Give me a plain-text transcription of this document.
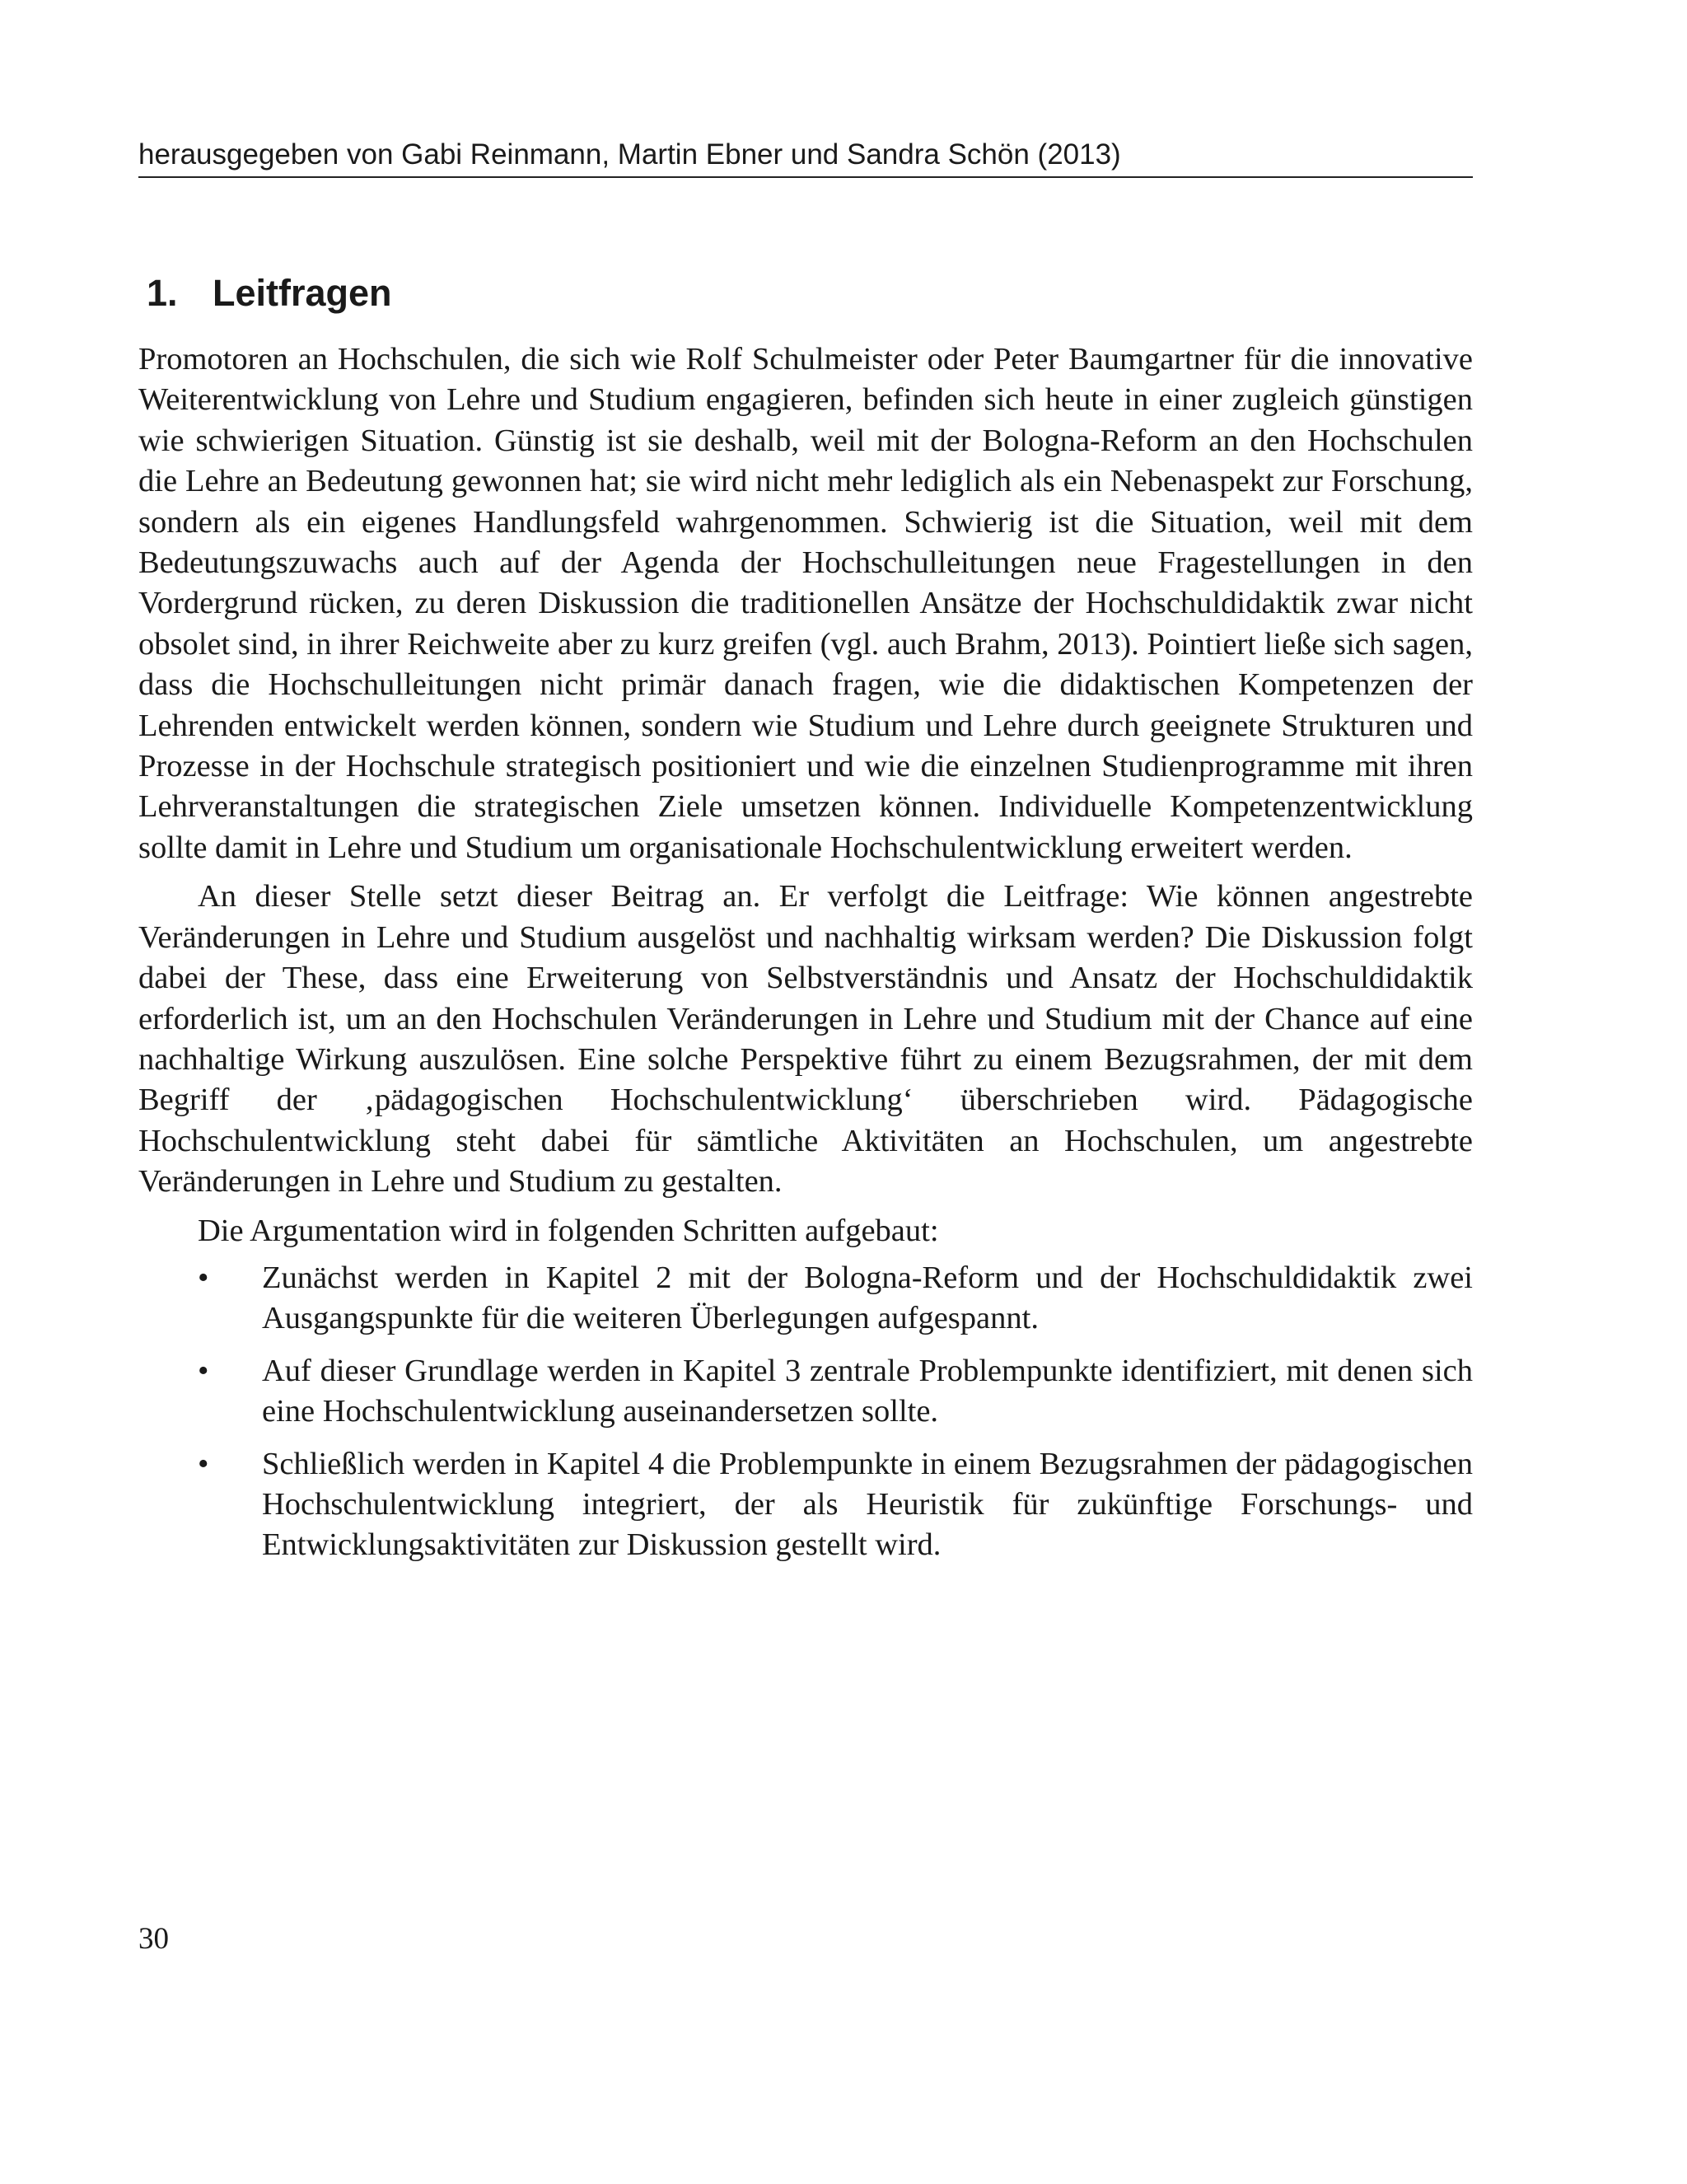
herausgegeben von Gabi Reinmann, Martin Ebner und Sandra Schön (2013)
1. Leitfragen

Promotoren an Hochschulen, die sich wie Rolf Schulmeister oder Peter Baumgartner für die innovative Weiterentwicklung von Lehre und Studium engagieren, befinden sich heute in einer zugleich günstigen wie schwierigen Situation. Günstig ist sie deshalb, weil mit der Bologna-Reform an den Hochschulen die Lehre an Bedeutung gewonnen hat; sie wird nicht mehr lediglich als ein Nebenaspekt zur Forschung, sondern als ein eigenes Handlungsfeld wahrgenommen. Schwierig ist die Situation, weil mit dem Bedeutungszuwachs auch auf der Agenda der Hochschulleitungen neue Fragestellungen in den Vordergrund rücken, zu deren Diskussion die traditionellen Ansätze der Hochschuldidaktik zwar nicht obsolet sind, in ihrer Reichweite aber zu kurz greifen (vgl. auch Brahm, 2013). Pointiert ließe sich sagen, dass die Hochschulleitungen nicht primär danach fragen, wie die didaktischen Kompetenzen der Lehrenden entwickelt werden können, sondern wie Studium und Lehre durch geeignete Strukturen und Prozesse in der Hochschule strategisch positioniert und wie die einzelnen Studienprogramme mit ihren Lehrveranstaltungen die strategischen Ziele umsetzen können. Individuelle Kompetenzentwicklung sollte damit in Lehre und Studium um organisationale Hochschulentwicklung erweitert werden.

An dieser Stelle setzt dieser Beitrag an. Er verfolgt die Leitfrage: Wie können angestrebte Veränderungen in Lehre und Studium ausgelöst und nachhaltig wirksam werden? Die Diskussion folgt dabei der These, dass eine Erweiterung von Selbstverständnis und Ansatz der Hochschuldidaktik erforderlich ist, um an den Hochschulen Veränderungen in Lehre und Studium mit der Chance auf eine nachhaltige Wirkung auszulösen. Eine solche Perspektive führt zu einem Bezugsrahmen, der mit dem Begriff der ‚pädagogischen Hochschulentwicklung‘ überschrieben wird. Pädagogische Hochschulentwicklung steht dabei für sämtliche Aktivitäten an Hochschulen, um angestrebte Veränderungen in Lehre und Studium zu gestalten.

Die Argumentation wird in folgenden Schritten aufgebaut:

• Zunächst werden in Kapitel 2 mit der Bologna-Reform und der Hochschuldidaktik zwei Ausgangspunkte für die weiteren Überlegungen aufgespannt.
• Auf dieser Grundlage werden in Kapitel 3 zentrale Problempunkte identifiziert, mit denen sich eine Hochschulentwicklung auseinandersetzen sollte.
• Schließlich werden in Kapitel 4 die Problempunkte in einem Bezugsrahmen der pädagogischen Hochschulentwicklung integriert, der als Heuristik für zukünftige Forschungs- und Entwicklungsaktivitäten zur Diskussion gestellt wird.
30
